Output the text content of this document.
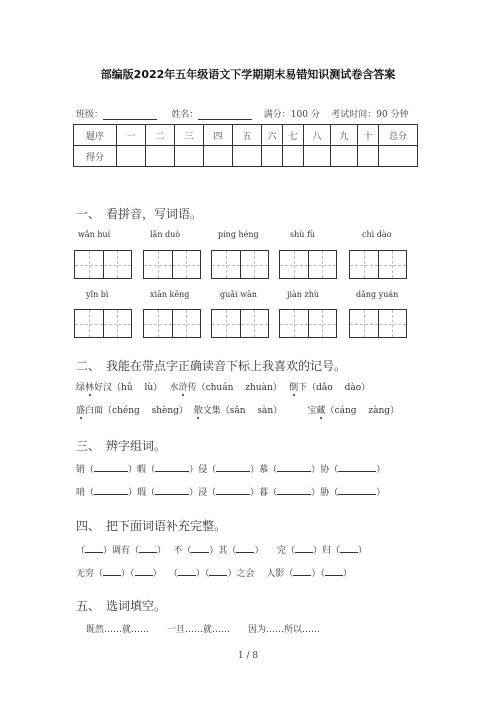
部编版2022年五年级语文下学期期末易错知识测试卷含答案
班级：	姓名：	满分：100 分 考试时间：90 分钟
题序	一	二	三	四	五	六	七	八	九	十	总分
得分											
一、　看拼音，写词语。
wǎn huí	lǎn duò	píng héng	shù fù	chì dào
yǐn bì	xiān kēng	guǎi wān	jiàn zhù	dǎng yuán
二、　我能在带点字正确读音下标上我喜欢的记号。
绿林好汉（hǔ　 lù）　 水浒传（chuán　 zhuàn）　 倒下（dǎo　 dào）
盛白面（chéng　 shèng）  散文集（sǎn　 sàn）　　　 宝藏（cáng　 zàng）
三、　辨字组词。
销（	）暇（	）侵（	）慕（	）协（	）
哨（	）瑕（	）浸（	）暮（	）胁（	）
四、　把下面词语补充完整。
（ ）调有（ ）　 不（ ）其（ ）　　完（ ）归（ ）
无穷（ ）（ ）　 （ ）（ ）之会　 人影（ ）（ ）
五、　选词填空。
既然……就……　　一旦……就……　　因为……所以……
1 / 8
